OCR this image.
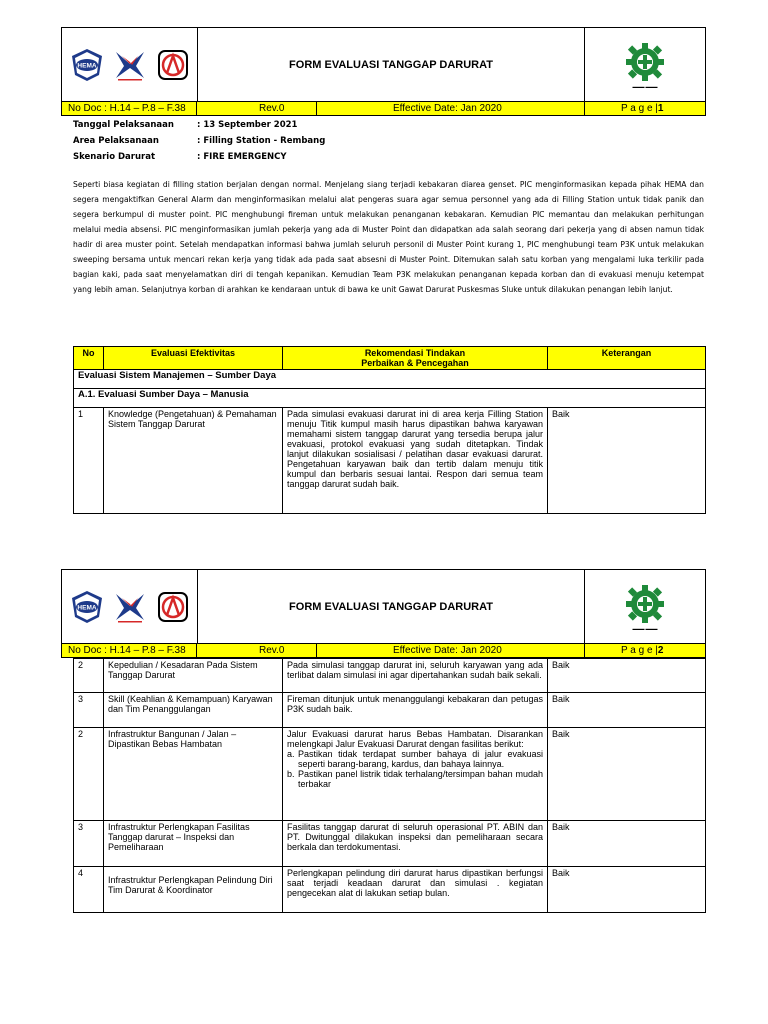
HEMA	FORM EVALUASI TANGGAP DARURAT
▬▬▬ ▬▬▬
No Doc : H.14 – P.8 – F.38	Rev.0	Effective Date: Jan 2020	P a g e |1
Tanggal Pelaksanaan	: 13 September 2021
Area Pelaksanaan	: Filling Station - Rembang
Skenario Darurat	: FIRE EMERGENCY
Seperti biasa kegiatan di filling station berjalan dengan normal. Menjelang siang terjadi kebakaran diarea genset. PIC menginformasikan kepada pihak HEMA dan segera mengaktifkan General Alarm dan menginformasikan melalui alat pengeras suara agar semua personnel yang ada di Filling Station untuk tidak panik dan segera berkumpul di muster point. PIC menghubungi fireman untuk melakukan penanganan kebakaran. Kemudian PIC memantau dan melakukan perhitungan melalui media absensi. PIC menginformasikan jumlah pekerja yang ada di Muster Point dan didapatkan ada salah seorang dari pekerja yang di absen namun tidak hadir di area muster point. Setelah mendapatkan informasi bahwa jumlah seluruh personil di Muster Point kurang 1, PIC menghubungi team P3K untuk melakukan sweeping bersama untuk mencari rekan kerja yang tidak ada pada saat absesni di Muster Point. Ditemukan salah satu korban yang mengalami luka terkilir pada bagian kaki, pada saat menyelamatkan diri di tengah kepanikan. Kemudian Team P3K melakukan penanganan kepada korban dan di evakuasi menuju ketempat yang lebih aman. Selanjutnya korban di arahkan ke kendaraan untuk di bawa ke unit Gawat Darurat Puskesmas Sluke untuk dilakukan penangan lebih lanjut.
No	Evaluasi Efektivitas	Rekomendasi Tindakan
Perbaikan & Pencegahan	Keterangan
Evaluasi Sistem Manajemen – Sumber Daya			
A.1. Evaluasi Sumber Daya – Manusia			
1	Knowledge (Pengetahuan) & Pemahaman Sistem Tanggap Darurat	Pada simulasi evakuasi darurat ini di area kerja Filling Station menuju Titik kumpul masih harus dipastikan bahwa karyawan memahami sistem tanggap darurat yang tersedia berupa jalur evakuasi, protokol evakuasi yang sudah ditetapkan. Tindak lanjut dilakukan sosialisasi / pelatihan dasar evakuasi darurat. Pengetahuan karyawan baik dan tertib dalam menuju titik kumpul dan berbaris sesuai lantai. Respon dari semua team tanggap darurat sudah baik.	Baik
HEMA	FORM EVALUASI TANGGAP DARURAT
▬▬▬ ▬▬▬
No Doc : H.14 – P.8 – F.38	Rev.0	Effective Date: Jan 2020	P a g e |2
2	Kepedulian / Kesadaran Pada Sistem Tanggap Darurat	Pada simulasi tanggap darurat ini, seluruh karyawan yang ada terlibat dalam simulasi ini agar dipertahankan sudah baik sekali.	Baik
3	Skill (Keahlian & Kemampuan) Karyawan dan Tim Penanggulangan	Fireman ditunjuk untuk menanggulangi kebakaran dan petugas P3K sudah baik.	Baik
2	Infrastruktur Bangunan / Jalan – Dipastikan Bebas Hambatan	Jalur Evakuasi darurat harus Bebas Hambatan. Disarankan melengkapi Jalur Evakuasi Darurat dengan fasilitas berikut:
a. Pastikan tidak terdapat sumber bahaya di jalur evakuasi seperti barang-barang, kardus, dan bahaya lainnya.
b. Pastikan panel listrik tidak terhalang/tersimpan bahan mudah terbakar	Baik
3	Infrastruktur Perlengkapan Fasilitas Tanggap darurat – Inspeksi dan Pemeliharaan	Fasilitas tanggap darurat di seluruh operasional PT. ABIN dan PT. Dwitunggal dilakukan inspeksi dan pemeliharaan secara berkala dan terdokumentasi.	Baik
4	Infrastruktur Perlengkapan Pelindung Diri Tim Darurat & Koordinator	Perlengkapan pelindung diri darurat harus dipastikan berfungsi saat terjadi keadaan darurat dan simulasi . kegiatan pengecekan alat di lakukan setiap bulan.	Baik
